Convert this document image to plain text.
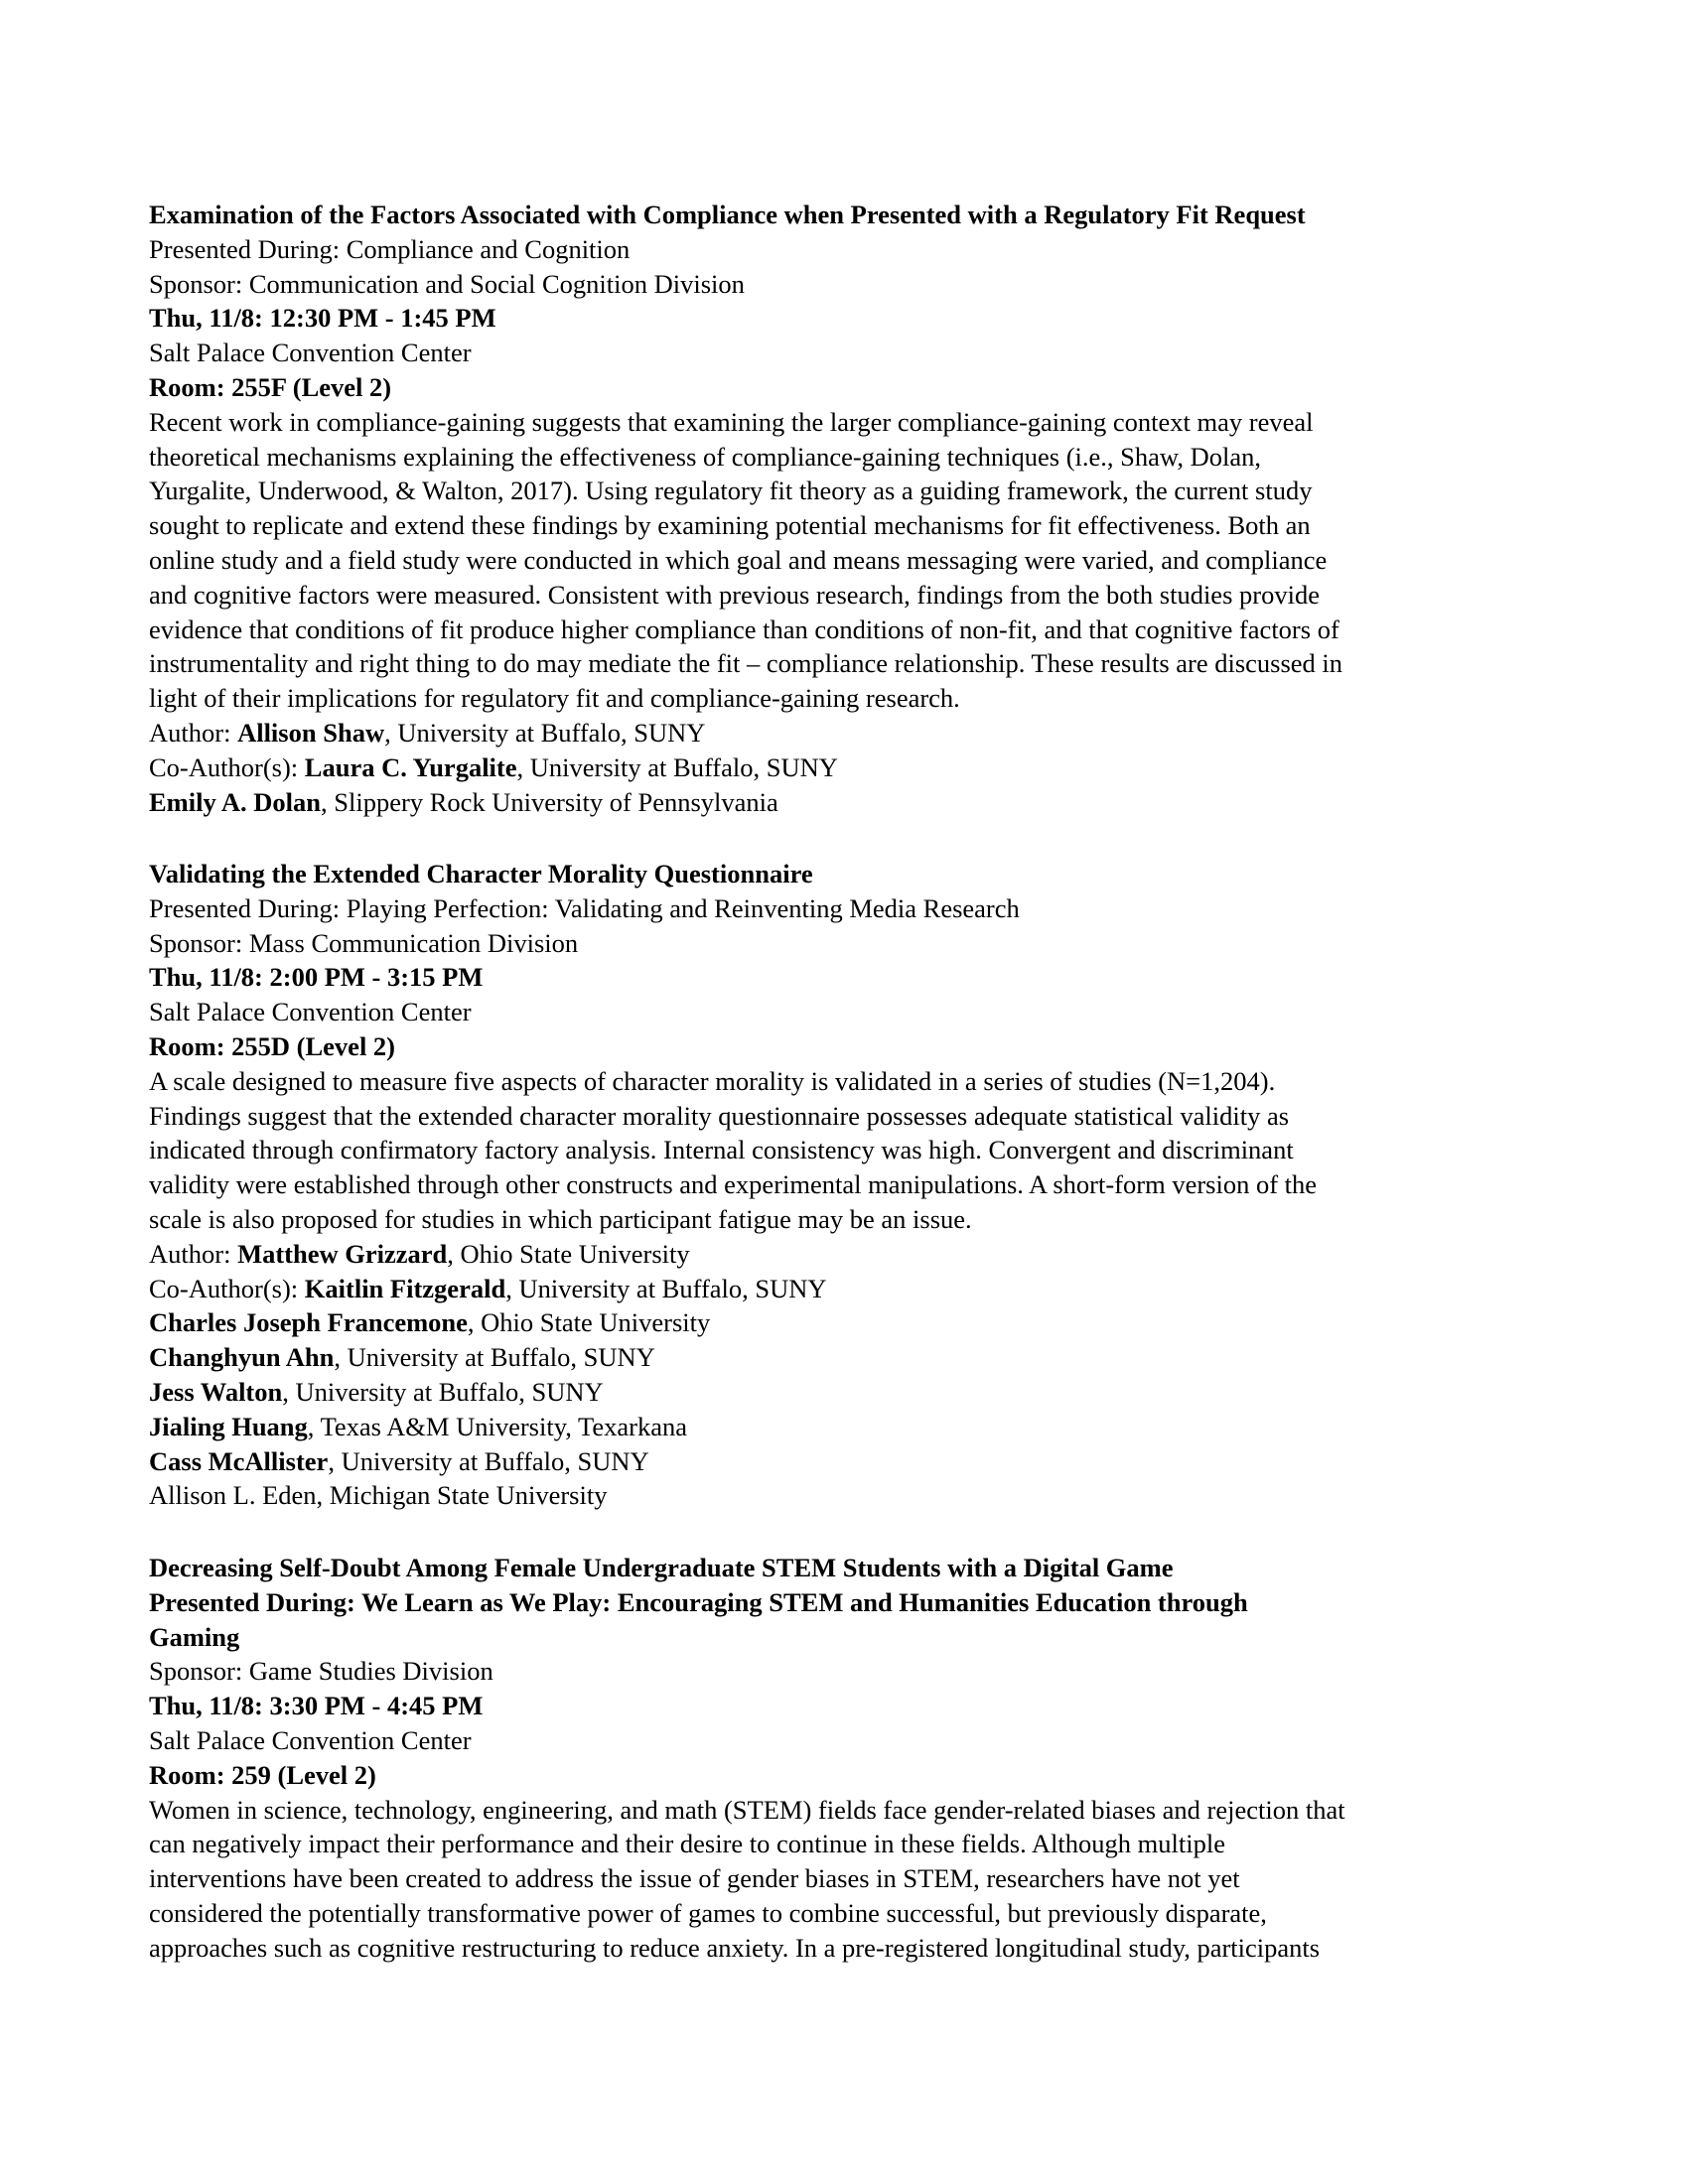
Examination of the Factors Associated with Compliance when Presented with a Regulatory Fit Request
Presented During: Compliance and Cognition
Sponsor: Communication and Social Cognition Division
Thu, 11/8: 12:30 PM - 1:45 PM
Salt Palace Convention Center
Room: 255F (Level 2)
Recent work in compliance-gaining suggests that examining the larger compliance-gaining context may reveal
theoretical mechanisms explaining the effectiveness of compliance-gaining techniques (i.e., Shaw, Dolan,
Yurgalite, Underwood, & Walton, 2017). Using regulatory fit theory as a guiding framework, the current study
sought to replicate and extend these findings by examining potential mechanisms for fit effectiveness. Both an
online study and a field study were conducted in which goal and means messaging were varied, and compliance
and cognitive factors were measured. Consistent with previous research, findings from the both studies provide
evidence that conditions of fit produce higher compliance than conditions of non-fit, and that cognitive factors of
instrumentality and right thing to do may mediate the fit – compliance relationship. These results are discussed in
light of their implications for regulatory fit and compliance-gaining research.
Author: Allison Shaw, University at Buffalo, SUNY
Co-Author(s): Laura C. Yurgalite, University at Buffalo, SUNY
Emily A. Dolan, Slippery Rock University of Pennsylvania
Validating the Extended Character Morality Questionnaire
Presented During: Playing Perfection: Validating and Reinventing Media Research
Sponsor: Mass Communication Division
Thu, 11/8: 2:00 PM - 3:15 PM
Salt Palace Convention Center
Room: 255D (Level 2)
A scale designed to measure five aspects of character morality is validated in a series of studies (N=1,204).
Findings suggest that the extended character morality questionnaire possesses adequate statistical validity as
indicated through confirmatory factory analysis. Internal consistency was high. Convergent and discriminant
validity were established through other constructs and experimental manipulations. A short-form version of the
scale is also proposed for studies in which participant fatigue may be an issue.
Author: Matthew Grizzard, Ohio State University
Co-Author(s): Kaitlin Fitzgerald, University at Buffalo, SUNY
Charles Joseph Francemone, Ohio State University
Changhyun Ahn, University at Buffalo, SUNY
Jess Walton, University at Buffalo, SUNY
Jialing Huang, Texas A&M University, Texarkana
Cass McAllister, University at Buffalo, SUNY
Allison L. Eden, Michigan State University
Decreasing Self-Doubt Among Female Undergraduate STEM Students with a Digital Game
Presented During: We Learn as We Play: Encouraging STEM and Humanities Education through
Gaming
Sponsor: Game Studies Division
Thu, 11/8: 3:30 PM - 4:45 PM
Salt Palace Convention Center
Room: 259 (Level 2)
Women in science, technology, engineering, and math (STEM) fields face gender-related biases and rejection that
can negatively impact their performance and their desire to continue in these fields. Although multiple
interventions have been created to address the issue of gender biases in STEM, researchers have not yet
considered the potentially transformative power of games to combine successful, but previously disparate,
approaches such as cognitive restructuring to reduce anxiety. In a pre-registered longitudinal study, participants
